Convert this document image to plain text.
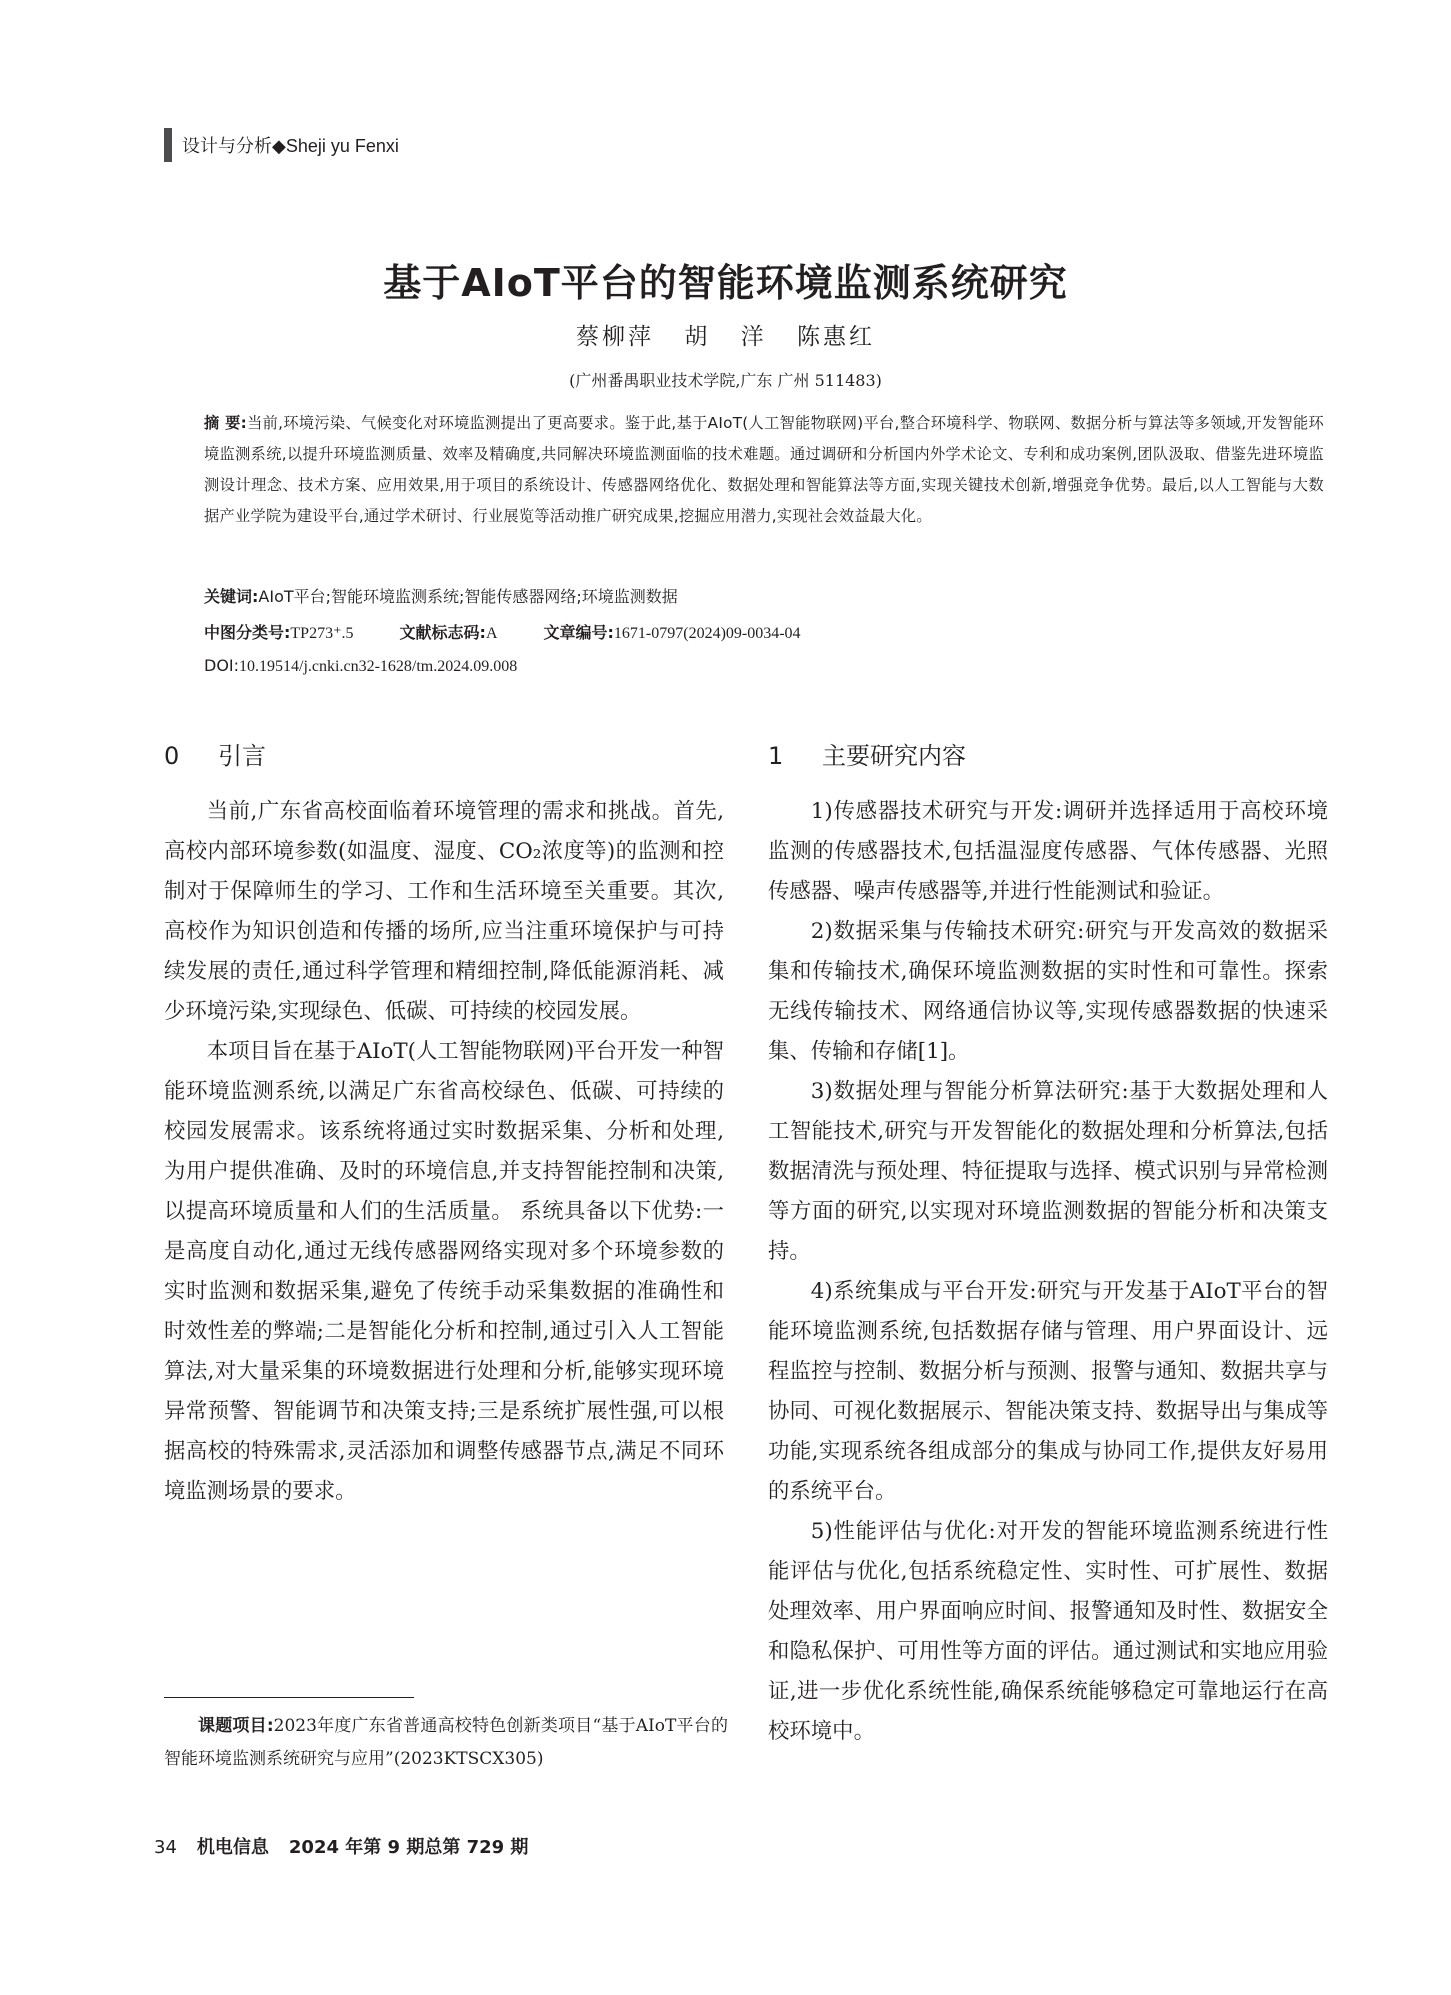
设计与分析◆Sheji yu Fenxi
基于AIoT平台的智能环境监测系统研究
蔡柳萍 胡 洋 陈惠红
(广州番禺职业技术学院,广东 广州 511483)
摘 要:当前,环境污染、气候变化对环境监测提出了更高要求。鉴于此,基于AIoT(人工智能物联网)平台,整合环境科学、物联网、数据分析与算法等多领域,开发智能环境监测系统,以提升环境监测质量、效率及精确度,共同解决环境监测面临的技术难题。通过调研和分析国内外学术论文、专利和成功案例,团队汲取、借鉴先进环境监测设计理念、技术方案、应用效果,用于项目的系统设计、传感器网络优化、数据处理和智能算法等方面,实现关键技术创新,增强竞争优势。最后,以人工智能与大数据产业学院为建设平台,通过学术研讨、行业展览等活动推广研究成果,挖掘应用潜力,实现社会效益最大化。
关键词:AIoT平台;智能环境监测系统;智能传感器网络;环境监测数据
中图分类号:TP273⁺.5	文献标志码:A	文章编号:1671-0797(2024)09-0034-04
DOI:10.19514/j.cnki.cn32-1628/tm.2024.09.008
0 引言

当前,广东省高校面临着环境管理的需求和挑战。首先,高校内部环境参数(如温度、湿度、CO₂浓度等)的监测和控制对于保障师生的学习、工作和生活环境至关重要。其次,高校作为知识创造和传播的场所,应当注重环境保护与可持续发展的责任,通过科学管理和精细控制,降低能源消耗、减少环境污染,实现绿色、低碳、可持续的校园发展。

本项目旨在基于AIoT(人工智能物联网)平台开发一种智能环境监测系统,以满足广东省高校绿色、低碳、可持续的校园发展需求。该系统将通过实时数据采集、分析和处理,为用户提供准确、及时的环境信息,并支持智能控制和决策,以提高环境质量和人们的生活质量。 系统具备以下优势:一是高度自动化,通过无线传感器网络实现对多个环境参数的实时监测和数据采集,避免了传统手动采集数据的准确性和时效性差的弊端;二是智能化分析和控制,通过引入人工智能算法,对大量采集的环境数据进行处理和分析,能够实现环境异常预警、智能调节和决策支持;三是系统扩展性强,可以根据高校的特殊需求,灵活添加和调整传感器节点,满足不同环境监测场景的要求。

1 主要研究内容

1)传感器技术研究与开发:调研并选择适用于高校环境监测的传感器技术,包括温湿度传感器、气体传感器、光照传感器、噪声传感器等,并进行性能测试和验证。

2)数据采集与传输技术研究:研究与开发高效的数据采集和传输技术,确保环境监测数据的实时性和可靠性。探索无线传输技术、网络通信协议等,实现传感器数据的快速采集、传输和存储[1]。

3)数据处理与智能分析算法研究:基于大数据处理和人工智能技术,研究与开发智能化的数据处理和分析算法,包括数据清洗与预处理、特征提取与选择、模式识别与异常检测等方面的研究,以实现对环境监测数据的智能分析和决策支持。

4)系统集成与平台开发:研究与开发基于AIoT平台的智能环境监测系统,包括数据存储与管理、用户界面设计、远程监控与控制、数据分析与预测、报警与通知、数据共享与协同、可视化数据展示、智能决策支持、数据导出与集成等功能,实现系统各组成部分的集成与协同工作,提供友好易用的系统平台。

5)性能评估与优化:对开发的智能环境监测系统进行性能评估与优化,包括系统稳定性、实时性、可扩展性、数据处理效率、用户界面响应时间、报警通知及时性、数据安全和隐私保护、可用性等方面的评估。通过测试和实地应用验证,进一步优化系统性能,确保系统能够稳定可靠地运行在高校环境中。

课题项目:2023年度广东省普通高校特色创新类项目“基于AIoT平台的智能环境监测系统研究与应用”(2023KTSCX305)

34 机电信息 2024 年第 9 期总第 729 期
